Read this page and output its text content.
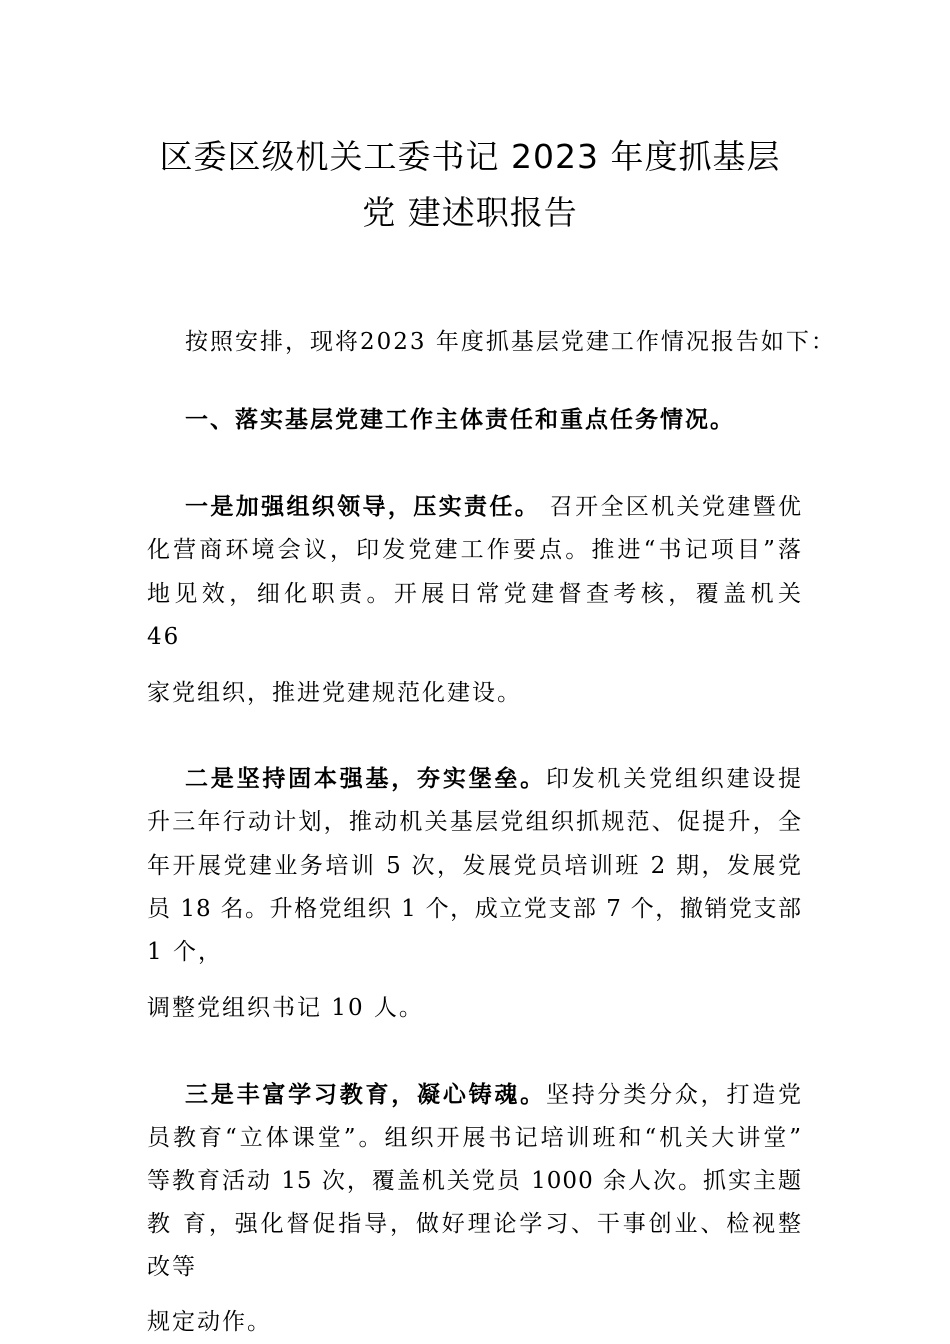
区委区级机关工委书记 2023 年度抓基层
党 建述职报告
按照安排，现将2023 年度抓基层党建工作情况报告如下：
一、落实基层党建工作主体责任和重点任务情况。
一是加强组织领导，压实责任。 召开全区机关党建暨优
化营商环境会议，印发党建工作要点。推进“书记项目”落
地见效，细化职责。开展日常党建督查考核，覆盖机关
46
家党组织，推进党建规范化建设。
二是坚持固本强基，夯实堡垒。印发机关党组织建设提
升三年行动计划，推动机关基层党组织抓规范、促提升，全
年开展党建业务培训 5 次，发展党员培训班 2 期，发展党
员 18 名。升格党组织 1 个，成立党支部 7 个，撤销党支部
1 个，
调整党组织书记 10 人。
三是丰富学习教育，凝心铸魂。坚持分类分众，打造党
员教育“立体课堂”。组织开展书记培训班和“机关大讲堂”
等教育活动 15 次，覆盖机关党员 1000 余人次。抓实主题
教 育，强化督促指导，做好理论学习、干事创业、检视整
改等
规定动作。
